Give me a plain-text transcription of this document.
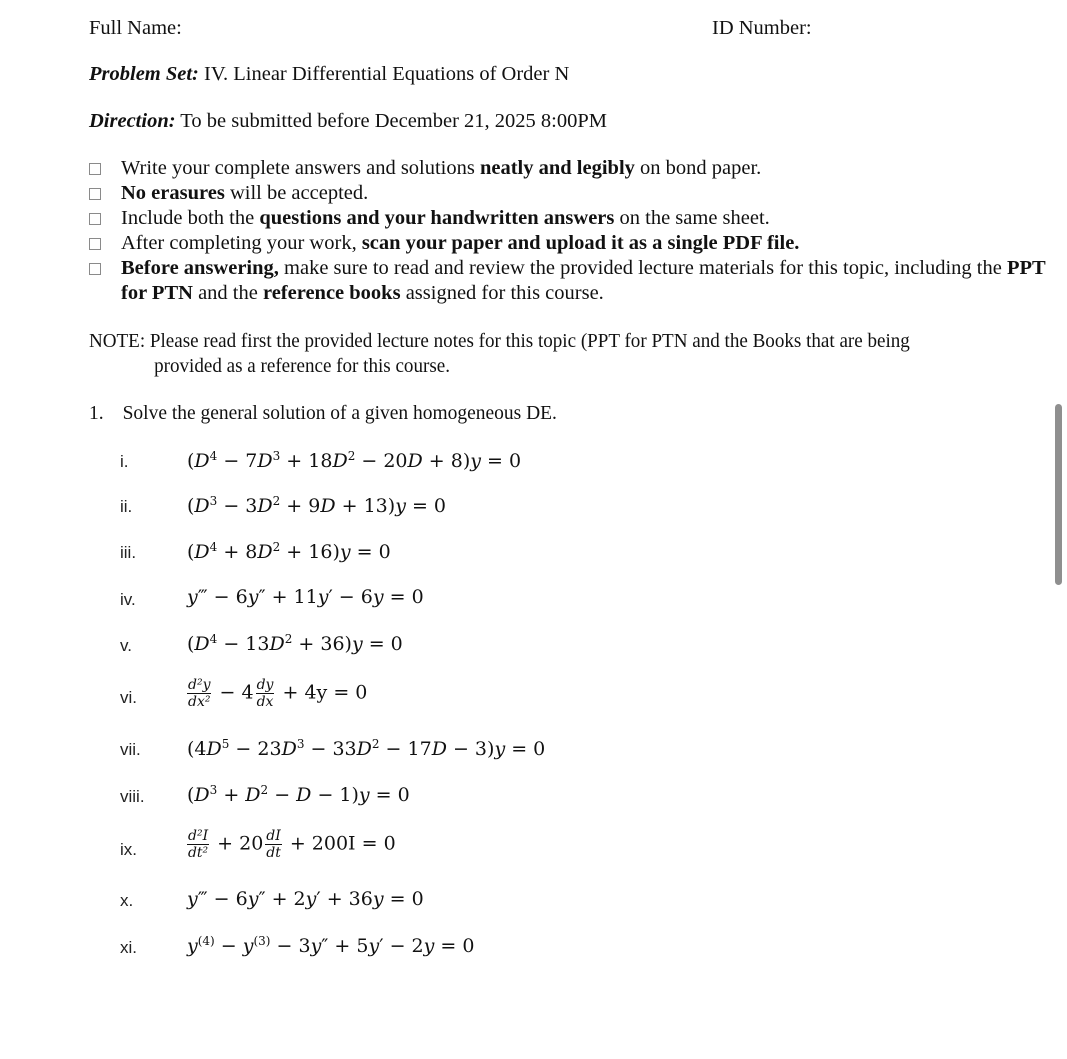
Full Name:	ID Number:
Problem Set: IV. Linear Differential Equations of Order N
Direction: To be submitted before December 21, 2025 8:00PM
Write your complete answers and solutions neatly and legibly on bond paper.
No erasures will be accepted.
Include both the questions and your handwritten answers on the same sheet.
After completing your work, scan your paper and upload it as a single PDF file.
Before answering, make sure to read and review the provided lecture materials for this topic, including the PPT for PTN and the reference books assigned for this course.
NOTE: Please read first the provided lecture notes for this topic (PPT for PTN and the Books that are being
provided as a reference for this course.
1. Solve the general solution of a given homogeneous DE.
i.	$(D^4 - 7D^3 + 18D^2 - 20D + 8)y = 0$
ii.	$(D^3 - 3D^2 + 9D + 13)y = 0$
iii.	$(D^4 + 8D^2 + 16)y = 0$
iv.	y‴ − 6y″ + 11y′ − 6y = 0
v.	$(D^4 - 13D^2 + 36)y = 0$
vi.	$\frac{\text{d²y}}{\text{dx²}} - 4 \frac{dy}{dx} + 4y = 0$
vii. $(4D^5 - 23D^3 - 33D^2 - 17D - 3)y = 0$
viii. $(D^3 + D^2 - D - 1)y = 0$
ix.	$\frac{\text{d²I}}{\text{dt²}} + 20 \frac{dI}{dt} + 200I = 0$
x.	y‴ − 6y″ + 2y′ + 36y = 0
xi.	$y^{(4)} - y^{(3)} - 3y'' + 5y' - 2y = 0$
